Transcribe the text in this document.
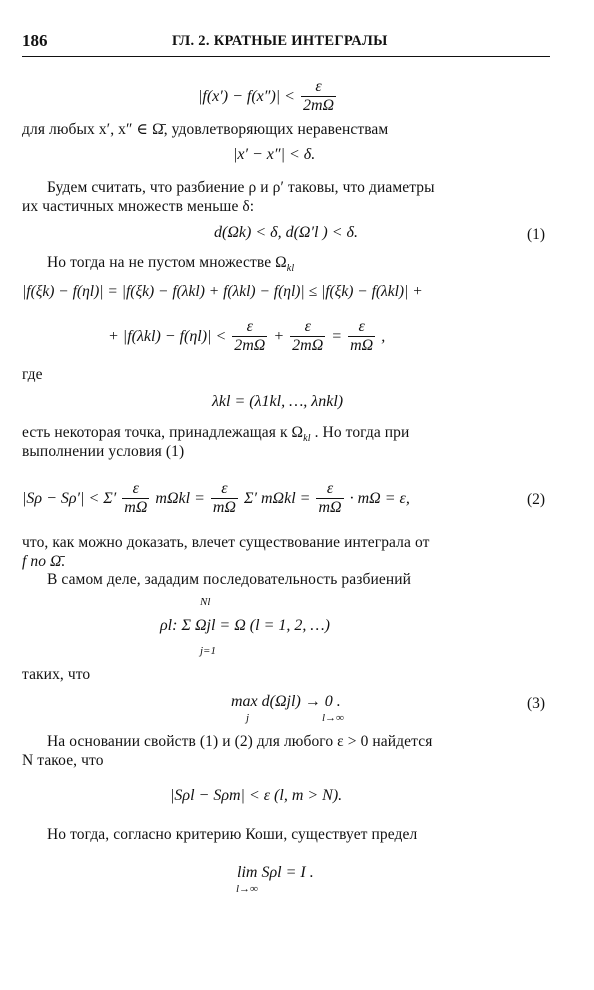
186	ГЛ. 2. КРАТНЫЕ ИНТЕГРАЛЫ
$|f(x') - f(x'')| < \frac{\varepsilon}{2m\Omega}$
для любых x′, x″ ∈ Ω̄, удовлетворяющих неравенствам
|x′ − x″| < δ.
Будем считать, что разбиение ρ и ρ′ таковы, что диаметры
их частичных множеств меньше δ:
d(Ωk) < δ, d(Ω′l ) < δ.	(1)
Но тогда на не пустом множестве $\Omega_{kl}$
|f(ξk) − f(ηl)| = |f(ξk) − f(λkl) + f(λkl) − f(ηl)| ≤ |f(ξk) − f(λkl)| +
+ $|f(\lambda kl) - f(\eta l)| < \frac{\varepsilon}{2m\Omega} + \frac{\varepsilon}{2m\Omega} = \frac{\varepsilon}{m\Omega}$ ,
где
λkl = (λ1kl, …, λnkl)
есть некоторая точка, принадлежащая к $\Omega_{kl}$ . Но тогда при
выполнении условия (1)
$|S\rho - S\rho'| < \Sigma' \frac{\varepsilon}{m\Omega}$ $m\Omega kl = \frac{\varepsilon}{m\Omega} \Sigma'$ $m\Omega kl = \frac{\varepsilon}{m\Omega} \cdot m\Omega = \varepsilon$,	(2)
что, как можно доказать, влечет существование интеграла от
f по Ω̄.
В самом деле, зададим последовательность разбиений
Nl
ρl: Σ Ωjl = Ω (l = 1, 2, …)
j=1
таких, что
max d(Ωjl) → 0 .
j	l→∞
(3)
На основании свойств (1) и (2) для любого ε > 0 найдется
N такое, что
|Sρl − Sρm| < ε (l, m > N).
Но тогда, согласно критерию Коши, существует предел
lim Sρl = I .
l→∞
